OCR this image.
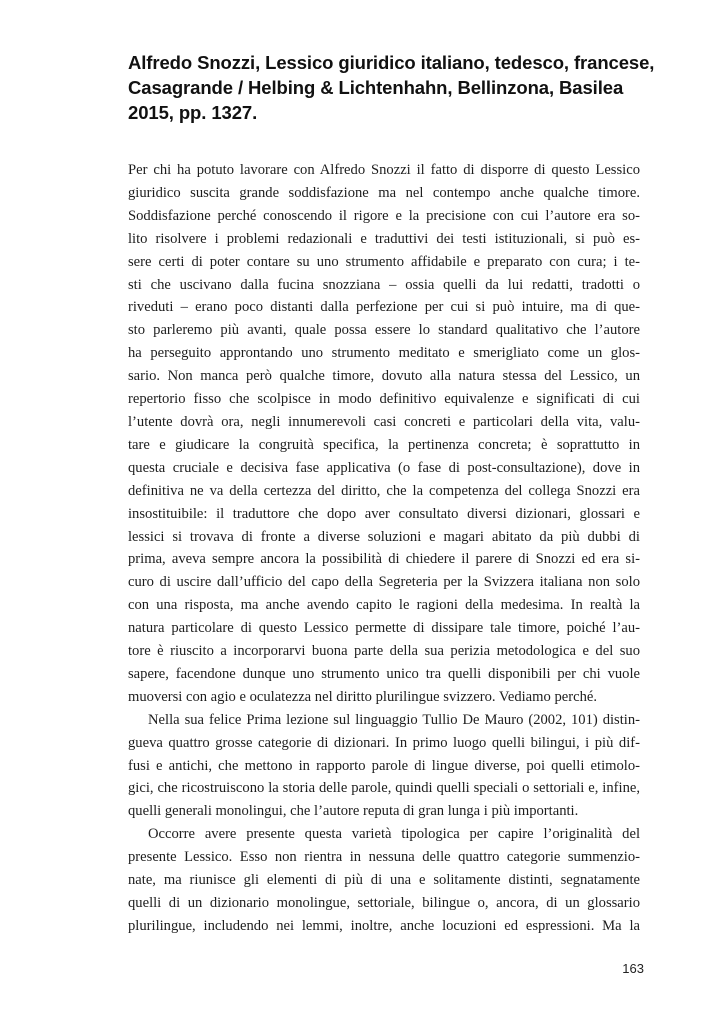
Alfredo Snozzi, Lessico giuridico italiano, tedesco, francese,
Casagrande / Helbing & Lichtenhahn, Bellinzona, Basilea
2015, pp. 1327.

Per chi ha potuto lavorare con Alfredo Snozzi il fatto di disporre di questo Lessico
giuridico suscita grande soddisfazione ma nel contempo anche qualche timore.
Soddisfazione perché conoscendo il rigore e la precisione con cui l’autore era so-
lito risolvere i problemi redazionali e traduttivi dei testi istituzionali, si può es-
sere certi di poter contare su uno strumento affidabile e preparato con cura; i te-
sti che uscivano dalla fucina snozziana – ossia quelli da lui redatti, tradotti o
riveduti – erano poco distanti dalla perfezione per cui si può intuire, ma di que-
sto parleremo più avanti, quale possa essere lo standard qualitativo che l’autore
ha perseguito approntando uno strumento meditato e smerigliato come un glos-
sario. Non manca però qualche timore, dovuto alla natura stessa del Lessico, un
repertorio fisso che scolpisce in modo definitivo equivalenze e significati di cui
l’utente dovrà ora, negli innumerevoli casi concreti e particolari della vita, valu-
tare e giudicare la congruità specifica, la pertinenza concreta; è soprattutto in
questa cruciale e decisiva fase applicativa (o fase di post-consultazione), dove in
definitiva ne va della certezza del diritto, che la competenza del collega Snozzi era
insostituibile: il traduttore che dopo aver consultato diversi dizionari, glossari e
lessici si trovava di fronte a diverse soluzioni e magari abitato da più dubbi di
prima, aveva sempre ancora la possibilità di chiedere il parere di Snozzi ed era si-
curo di uscire dall’ufficio del capo della Segreteria per la Svizzera italiana non solo
con una risposta, ma anche avendo capito le ragioni della medesima. In realtà la
natura particolare di questo Lessico permette di dissipare tale timore, poiché l’au-
tore è riuscito a incorporarvi buona parte della sua perizia metodologica e del suo
sapere, facendone dunque uno strumento unico tra quelli disponibili per chi vuole
muoversi con agio e oculatezza nel diritto plurilingue svizzero. Vediamo perché.

Nella sua felice Prima lezione sul linguaggio Tullio De Mauro (2002, 101) distin-
gueva quattro grosse categorie di dizionari. In primo luogo quelli bilingui, i più dif-
fusi e antichi, che mettono in rapporto parole di lingue diverse, poi quelli etimolo-
gici, che ricostruiscono la storia delle parole, quindi quelli speciali o settoriali e, infine,
quelli generali monolingui, che l’autore reputa di gran lunga i più importanti.

Occorre avere presente questa varietà tipologica per capire l’originalità del
presente Lessico. Esso non rientra in nessuna delle quattro categorie summenzio-
nate, ma riunisce gli elementi di più di una e solitamente distinti, segnatamente
quelli di un dizionario monolingue, settoriale, bilingue o, ancora, di un glossario
plurilingue, includendo nei lemmi, inoltre, anche locuzioni ed espressioni. Ma la

163
